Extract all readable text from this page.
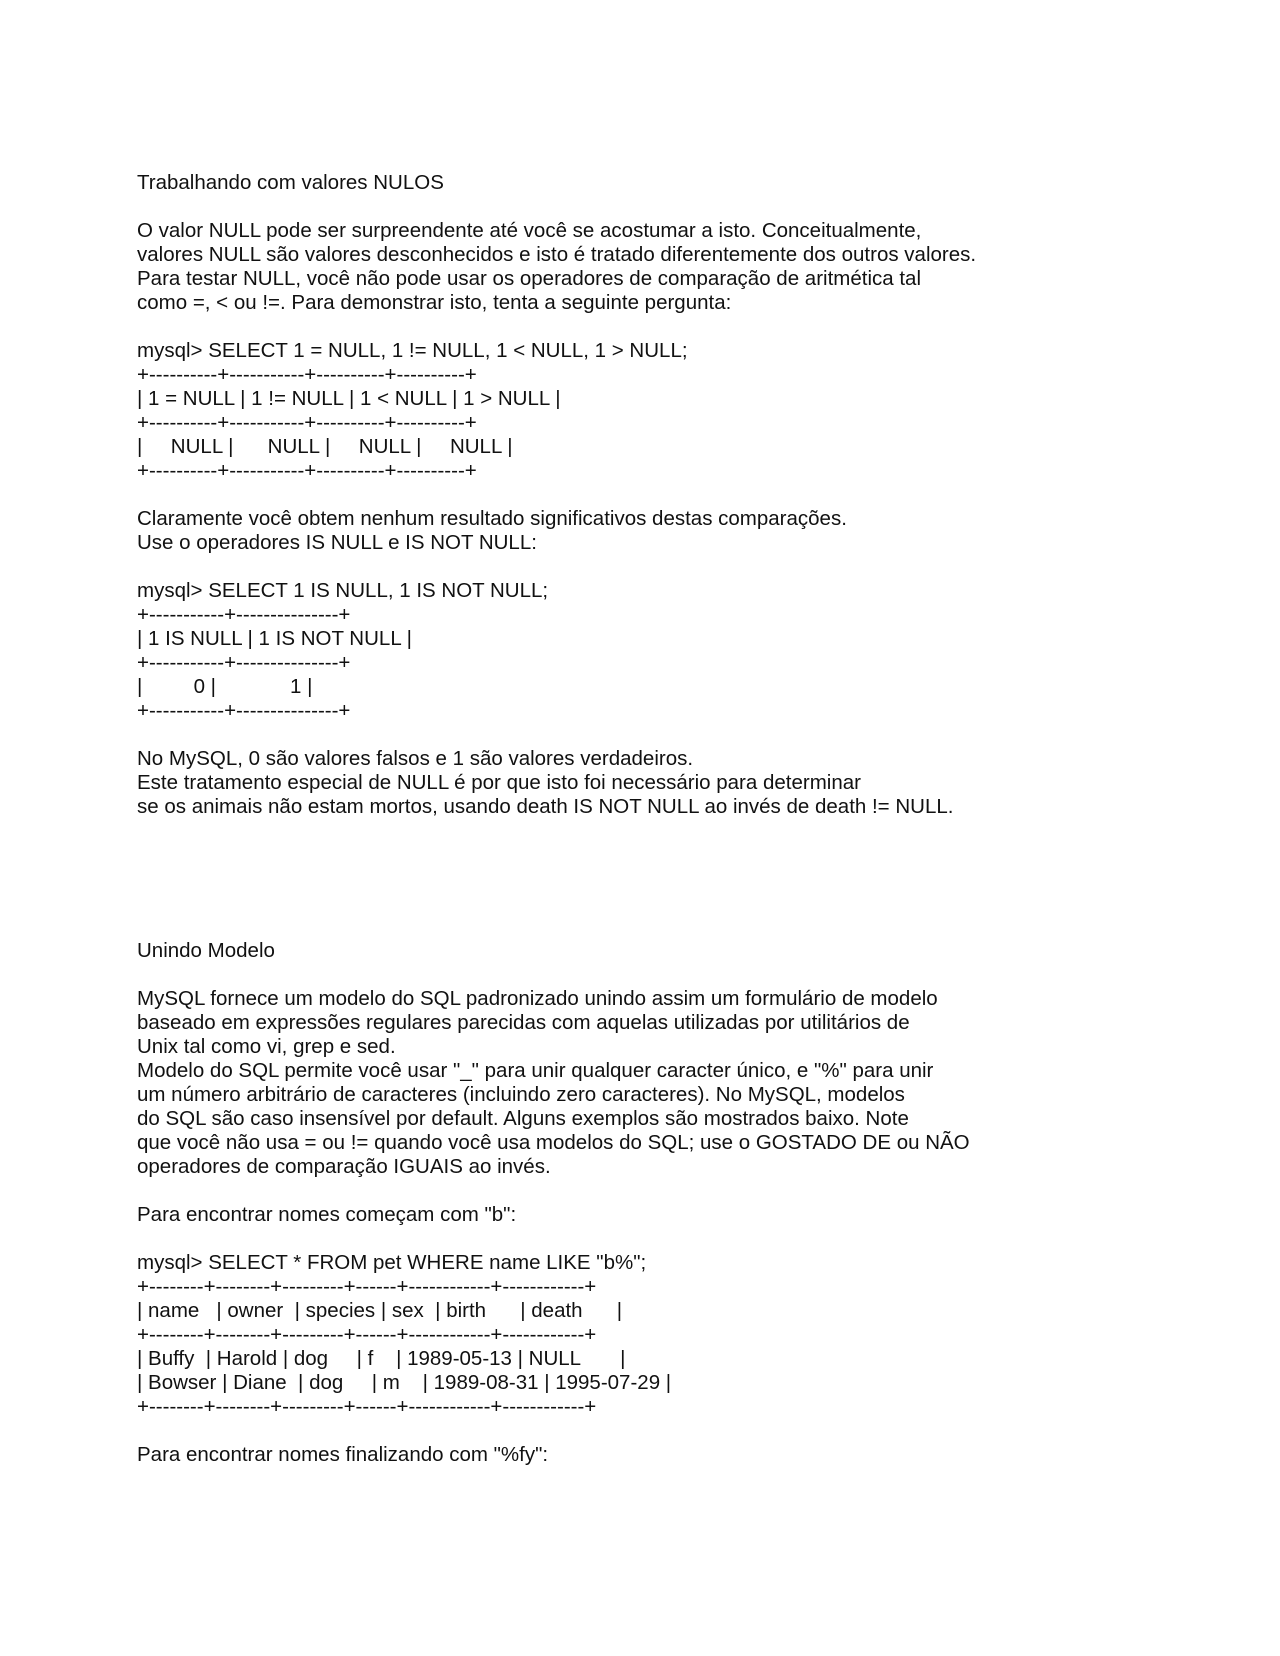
Trabalhando com valores NULOS

O valor NULL pode ser surpreendente até você se acostumar a isto. Conceitualmente,

valores NULL são valores desconhecidos e isto é tratado diferentemente dos outros valores.

Para testar NULL, você não pode usar os operadores de comparação de aritmética tal

como =, < ou !=. Para demonstrar isto, tenta a seguinte pergunta:

mysql> SELECT 1 = NULL, 1 != NULL, 1 < NULL, 1 > NULL;

+----------+-----------+----------+----------+

| 1 = NULL | 1 != NULL | 1 < NULL | 1 > NULL |

+----------+-----------+----------+----------+

|     NULL |      NULL |     NULL |     NULL |

+----------+-----------+----------+----------+

Claramente você obtem nenhum resultado significativos destas comparações.

Use o operadores IS NULL e IS NOT NULL:

mysql> SELECT 1 IS NULL, 1 IS NOT NULL;

+-----------+---------------+

| 1 IS NULL | 1 IS NOT NULL |

+-----------+---------------+

|         0 |             1 |

+-----------+---------------+

No MySQL, 0 são valores falsos e 1 são valores verdadeiros.

Este tratamento especial de NULL é por que isto foi necessário para determinar

se os animais não estam mortos, usando death IS NOT NULL ao invés de death != NULL.

Unindo Modelo

MySQL fornece um modelo do SQL padronizado unindo assim um formulário de modelo

baseado em expressões regulares parecidas com aquelas utilizadas por utilitários de

Unix tal como vi, grep e sed.

Modelo do SQL permite você usar "_" para unir qualquer caracter único, e "%" para unir

um número arbitrário de caracteres (incluindo zero caracteres). No MySQL, modelos

do SQL são caso insensível por default. Alguns exemplos são mostrados baixo. Note

que você não usa = ou != quando você usa modelos do SQL; use o GOSTADO DE ou NÃO

operadores de comparação IGUAIS ao invés.

Para encontrar nomes começam com "b":

mysql> SELECT * FROM pet WHERE name LIKE "b%";

+--------+--------+---------+------+------------+------------+

| name   | owner  | species | sex  | birth      | death      |

+--------+--------+---------+------+------------+------------+

| Buffy  | Harold | dog     | f    | 1989-05-13 | NULL       |

| Bowser | Diane  | dog     | m    | 1989-08-31 | 1995-07-29 |

+--------+--------+---------+------+------------+------------+

Para encontrar nomes finalizando com "%fy":
